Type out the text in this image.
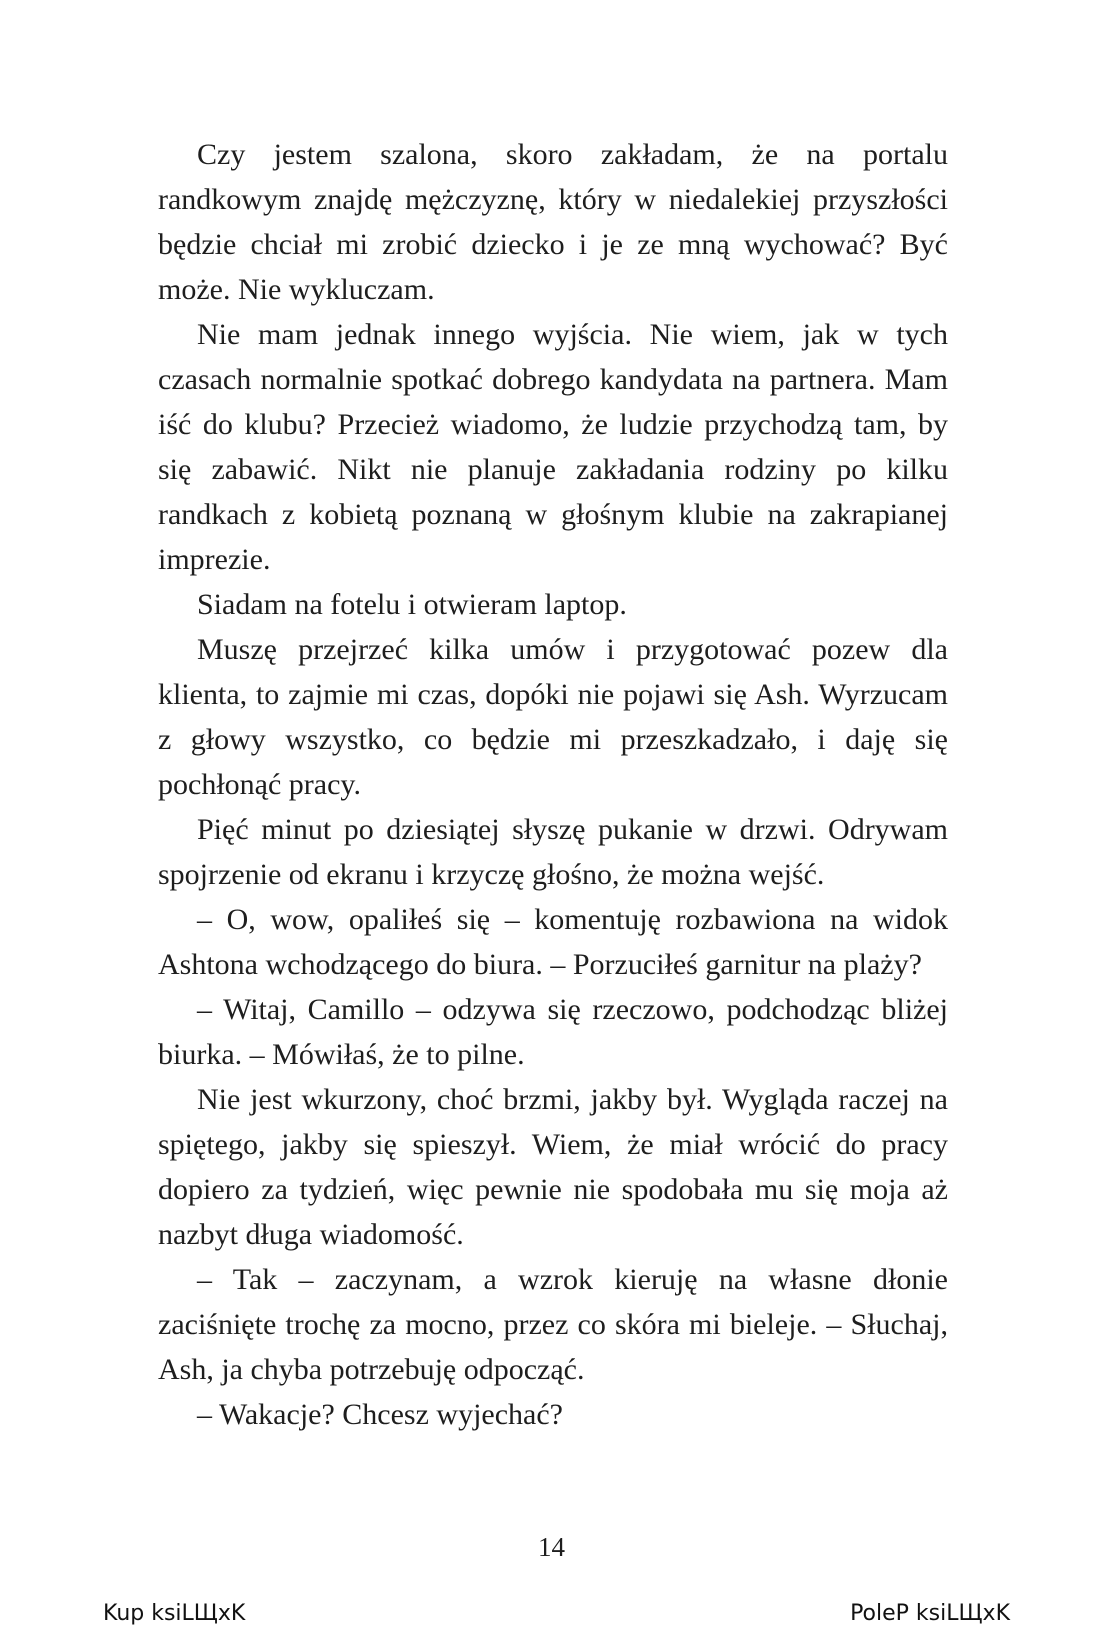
Czy jestem szalona, skoro zakładam, że na portalu randkowym znajdę mężczyznę, który w niedalekiej przyszłości będzie chciał mi zrobić dziecko i je ze mną wychować? Być może. Nie wykluczam.

Nie mam jednak innego wyjścia. Nie wiem, jak w tych czasach normalnie spotkać dobrego kandydata na partnera. Mam iść do klubu? Przecież wiadomo, że ludzie przychodzą tam, by się zabawić. Nikt nie planuje zakładania rodziny po kilku randkach z kobietą poznaną w głośnym klubie na zakrapianej imprezie.

Siadam na fotelu i otwieram laptop.

Muszę przejrzeć kilka umów i przygotować pozew dla klienta, to zajmie mi czas, dopóki nie pojawi się Ash. Wyrzucam z głowy wszystko, co będzie mi przeszkadzało, i daję się pochłonąć pracy.

Pięć minut po dziesiątej słyszę pukanie w drzwi. Odrywam spojrzenie od ekranu i krzyczę głośno, że można wejść.

– O, wow, opaliłeś się – komentuję rozbawiona na widok Ashtona wchodzącego do biura. – Porzuciłeś garnitur na plaży?

– Witaj, Camillo – odzywa się rzeczowo, podchodząc bliżej biurka. – Mówiłaś, że to pilne.

Nie jest wkurzony, choć brzmi, jakby był. Wygląda raczej na spiętego, jakby się spieszył. Wiem, że miał wrócić do pracy dopiero za tydzień, więc pewnie nie spodobała mu się moja aż nazbyt długa wiadomość.

– Tak – zaczynam, a wzrok kieruję na własne dłonie zaciśnięte trochę za mocno, przez co skóra mi bieleje. – Słuchaj, Ash, ja chyba potrzebuję odpocząć.

– Wakacje? Chcesz wyjechać?

14
Kup ksiLЩxK	PoleP ksiLЩxK
